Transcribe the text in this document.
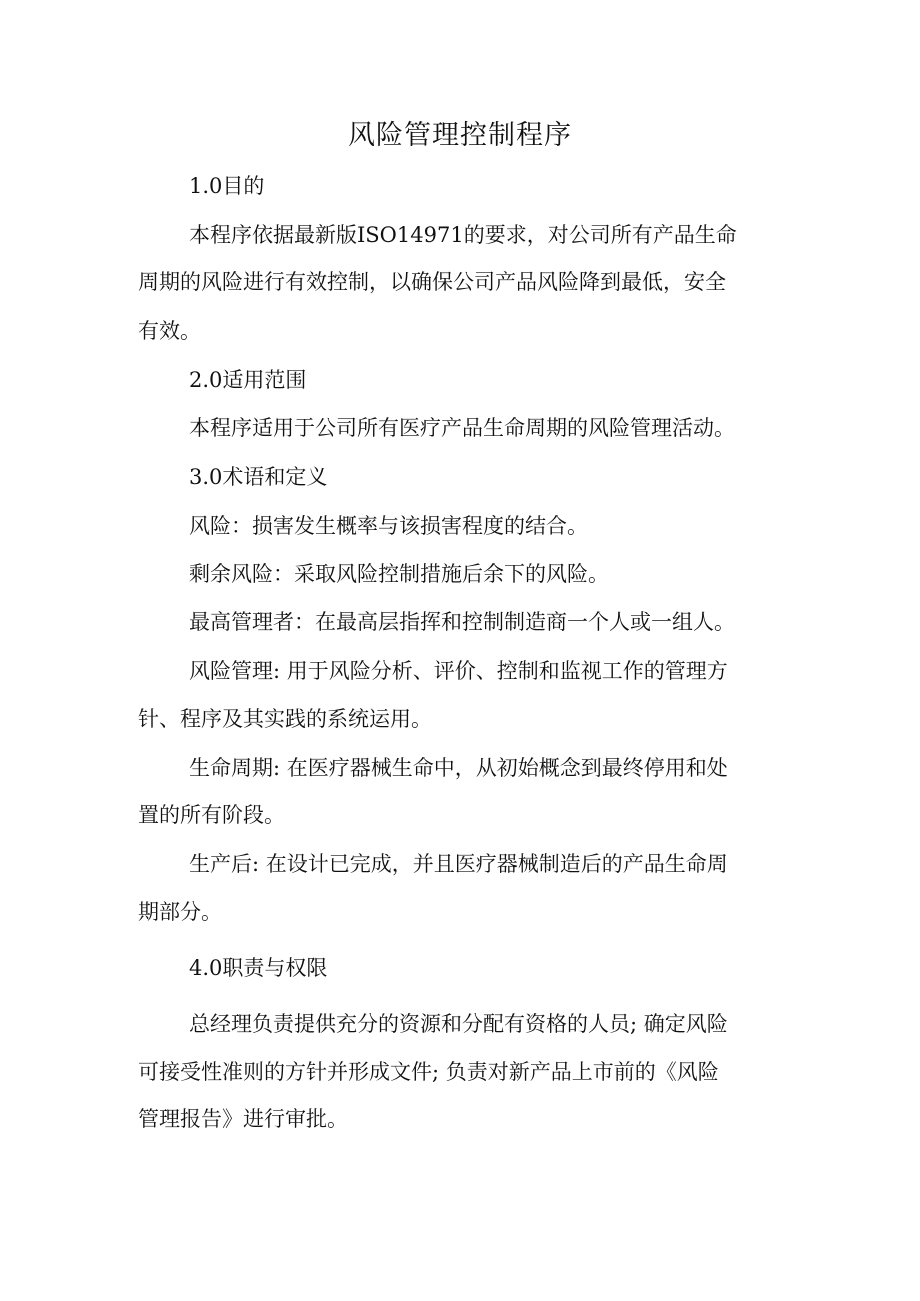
风险管理控制程序
1.0目的
本程序依据最新版ISO14971的要求，对公司所有产品生命
周期的风险进行有效控制，以确保公司产品风险降到最低，安全
有效。
2.0适用范围
本程序适用于公司所有医疗产品生命周期的风险管理活动。
3.0术语和定义
风险：损害发生概率与该损害程度的结合。
剩余风险：采取风险控制措施后余下的风险。
最高管理者：在最高层指挥和控制制造商一个人或一组人。
风险管理: 用于风险分析、评价、控制和监视工作的管理方
针、程序及其实践的系统运用。
生命周期: 在医疗器械生命中，从初始概念到最终停用和处
置的所有阶段。
生产后: 在设计已完成，并且医疗器械制造后的产品生命周
期部分。
4.0职责与权限
总经理负责提供充分的资源和分配有资格的人员; 确定风险
可接受性准则的方针并形成文件; 负责对新产品上市前的《风险
管理报告》进行审批。
